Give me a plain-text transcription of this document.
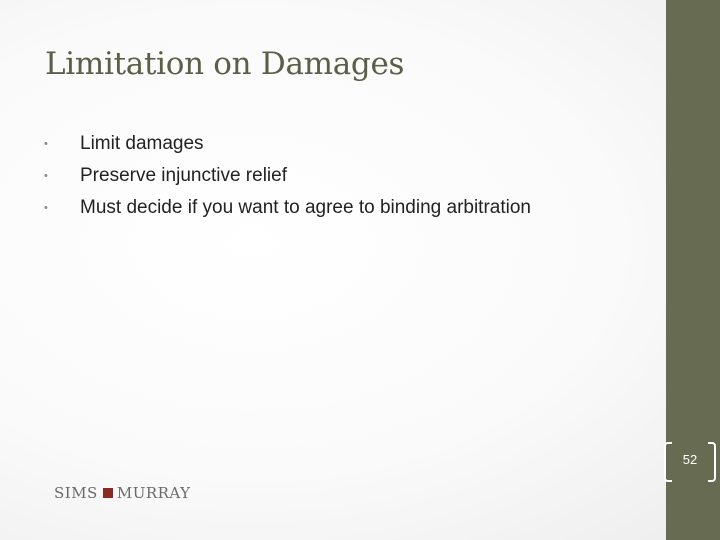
Limitation on Damages
• Limit damages
• Preserve injunctive relief
• Must decide if you want to agree to binding arbitration
52
SIMS MURRAY
